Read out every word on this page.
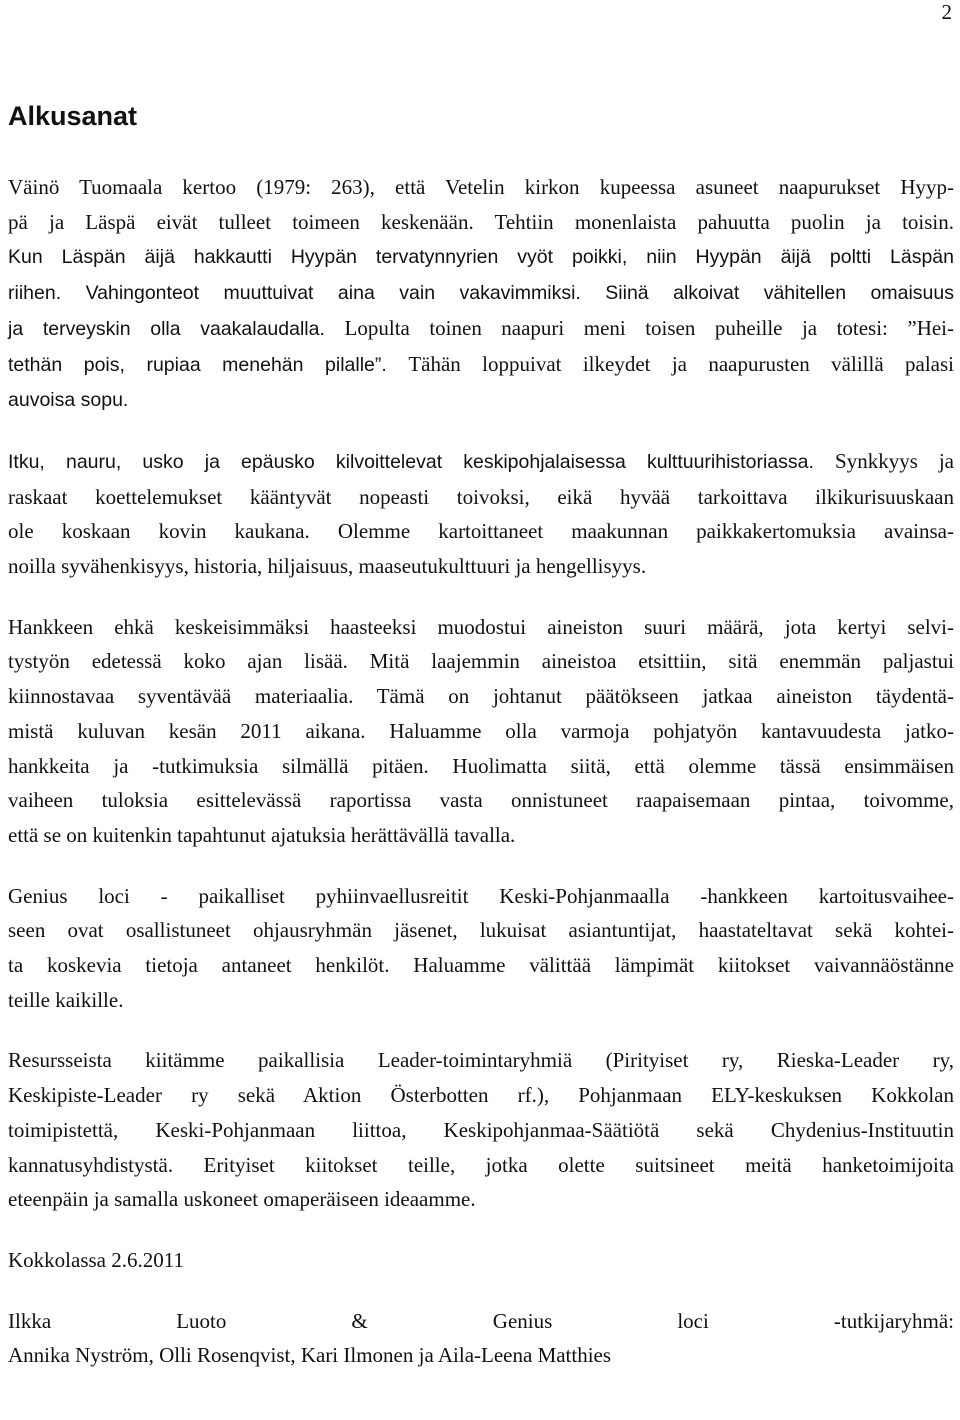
2
Alkusanat

Väinö Tuomaala kertoo (1979: 263), että Vetelin kirkon kupeessa asuneet naapurukset Hyyp-
pä ja Läspä eivät tulleet toimeen keskenään. Tehtiin monenlaista pahuutta puolin ja toisin.
Kun Läspän äijä hakkautti Hyypän tervatynnyrien vyöt poikki, niin Hyypän äijä poltti Läspän
riihen. Vahingonteot muuttuivat aina vain vakavimmiksi. Siinä alkoivat vähitellen omaisuus
ja terveyskin olla vaakalaudalla. Lopulta toinen naapuri meni toisen puheille ja totesi: ”Hei-
tethän pois, rupiaa menehän pilalle”. Tähän loppuivat ilkeydet ja naapurusten välillä palasi
auvoisa sopu.

Itku, nauru, usko ja epäusko kilvoittelevat keskipohjalaisessa kulttuurihistoriassa. Synkkyys ja
raskaat koettelemukset kääntyvät nopeasti toivoksi, eikä hyvää tarkoittava ilkikurisuuskaan
ole koskaan kovin kaukana. Olemme kartoittaneet maakunnan paikkakertomuksia avainsa-
noilla syvähenkisyys, historia, hiljaisuus, maaseutukulttuuri ja hengellisyys.

Hankkeen ehkä keskeisimmäksi haasteeksi muodostui aineiston suuri määrä, jota kertyi selvi-
tystyön edetessä koko ajan lisää. Mitä laajemmin aineistoa etsittiin, sitä enemmän paljastui
kiinnostavaa syventävää materiaalia. Tämä on johtanut päätökseen jatkaa aineiston täydentä-
mistä kuluvan kesän 2011 aikana. Haluamme olla varmoja pohjatyön kantavuudesta jatko-
hankkeita ja -tutkimuksia silmällä pitäen. Huolimatta siitä, että olemme tässä ensimmäisen
vaiheen tuloksia esittelevässä raportissa vasta onnistuneet raapaisemaan pintaa, toivomme,
että se on kuitenkin tapahtunut ajatuksia herättävällä tavalla.

Genius loci - paikalliset pyhiinvaellusreitit Keski-Pohjanmaalla -hankkeen kartoitusvaihee-
seen ovat osallistuneet ohjausryhmän jäsenet, lukuisat asiantuntijat, haastateltavat sekä kohtei-
ta koskevia tietoja antaneet henkilöt. Haluamme välittää lämpimät kiitokset vaivannäöstänne
teille kaikille.

Resursseista kiitämme paikallisia Leader-toimintaryhmiä (Pirityiset ry, Rieska-Leader ry,
Keskipiste-Leader ry sekä Aktion Österbotten rf.), Pohjanmaan ELY-keskuksen Kokkolan
toimipistettä, Keski-Pohjanmaan liittoa, Keskipohjanmaa-Säätiötä sekä Chydenius-Instituutin
kannatusyhdistystä. Erityiset kiitokset teille, jotka olette suitsineet meitä hanketoimijoita
eteenpäin ja samalla uskoneet omaperäiseen ideaamme.

Kokkolassa 2.6.2011

Ilkka Luoto & Genius loci -tutkijaryhmä:
Annika Nyström, Olli Rosenqvist, Kari Ilmonen ja Aila-Leena Matthies
